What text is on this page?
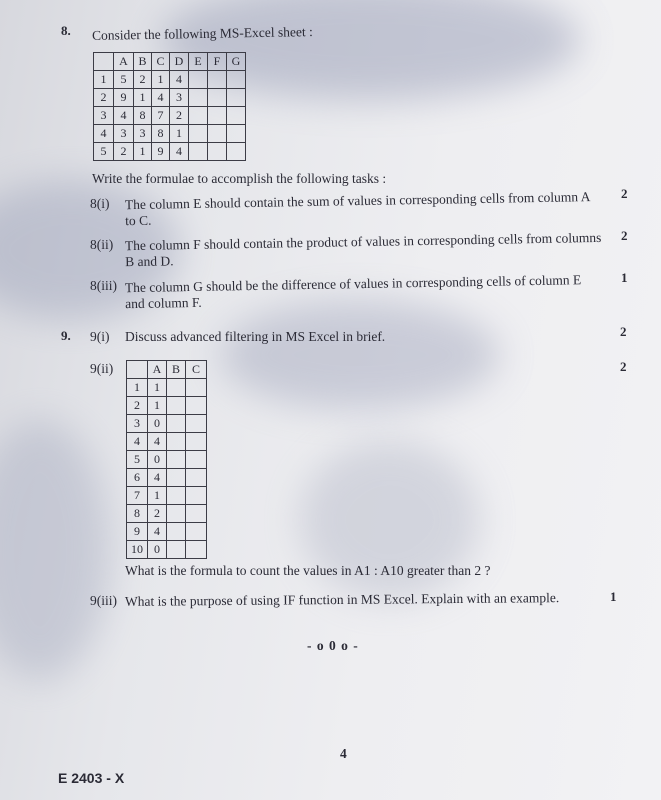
8. Consider the following MS-Excel sheet :
	A	B	C	D	E	F	G
1	5	2	1	4			
2	9	1	4	3			
3	4	8	7	2			
4	3	3	8	1			
5	2	1	9	4			
Write the formulae to accomplish the following tasks :
8(i) The column E should contain the sum of values in corresponding cells from column A
to C.
2
8(ii) The column F should contain the product of values in corresponding cells from columns
B and D.
2
8(iii) The column G should be the difference of values in corresponding cells of column E
and column F.
1
9. 9(i) Discuss advanced filtering in MS Excel in brief.	2
9(ii)	2
	A	B	C
1	1		
2	1		
3	0		
4	4		
5	0		
6	4		
7	1		
8	2		
9	4		
10	0		
What is the formula to count the values in A1 : A10 greater than 2 ?
9(iii) What is the purpose of using IF function in MS Excel. Explain with an example.	1
- o 0 o -
4
E 2403 - X
